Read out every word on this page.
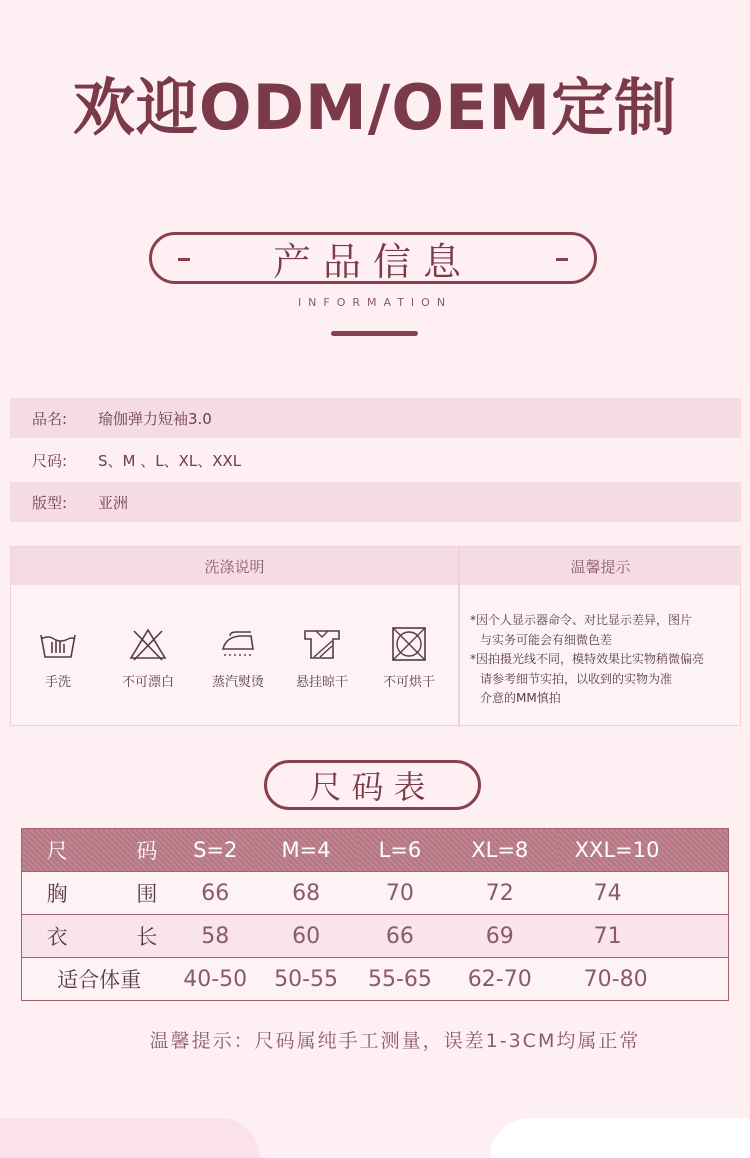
欢迎ODM/OEM定制
产品信息
INFORMATION
品名:	瑜伽弹力短袖3.0
尺码:	S、M 、L、XL、XXL
版型:	亚洲
洗涤说明	温馨提示
手洗	不可漂白	蒸汽熨烫	悬挂晾干	不可烘干
*因个人显示器命令、对比显示差异，图片
与实务可能会有细微色差
*因拍摄光线不同，模特效果比实物稍微偏亮
请参考细节实拍，以收到的实物为准
介意的MM慎拍
尺码表
尺	码	S=2	M=4	L=6	XL=8	XXL=10
胸	围	66	68	70	72	74
衣	长	58	60	66	69	71
适合体重		40-50	50-55	55-65	62-70	70-80
温馨提示：尺码属纯手工测量，误差1-3CM均属正常
